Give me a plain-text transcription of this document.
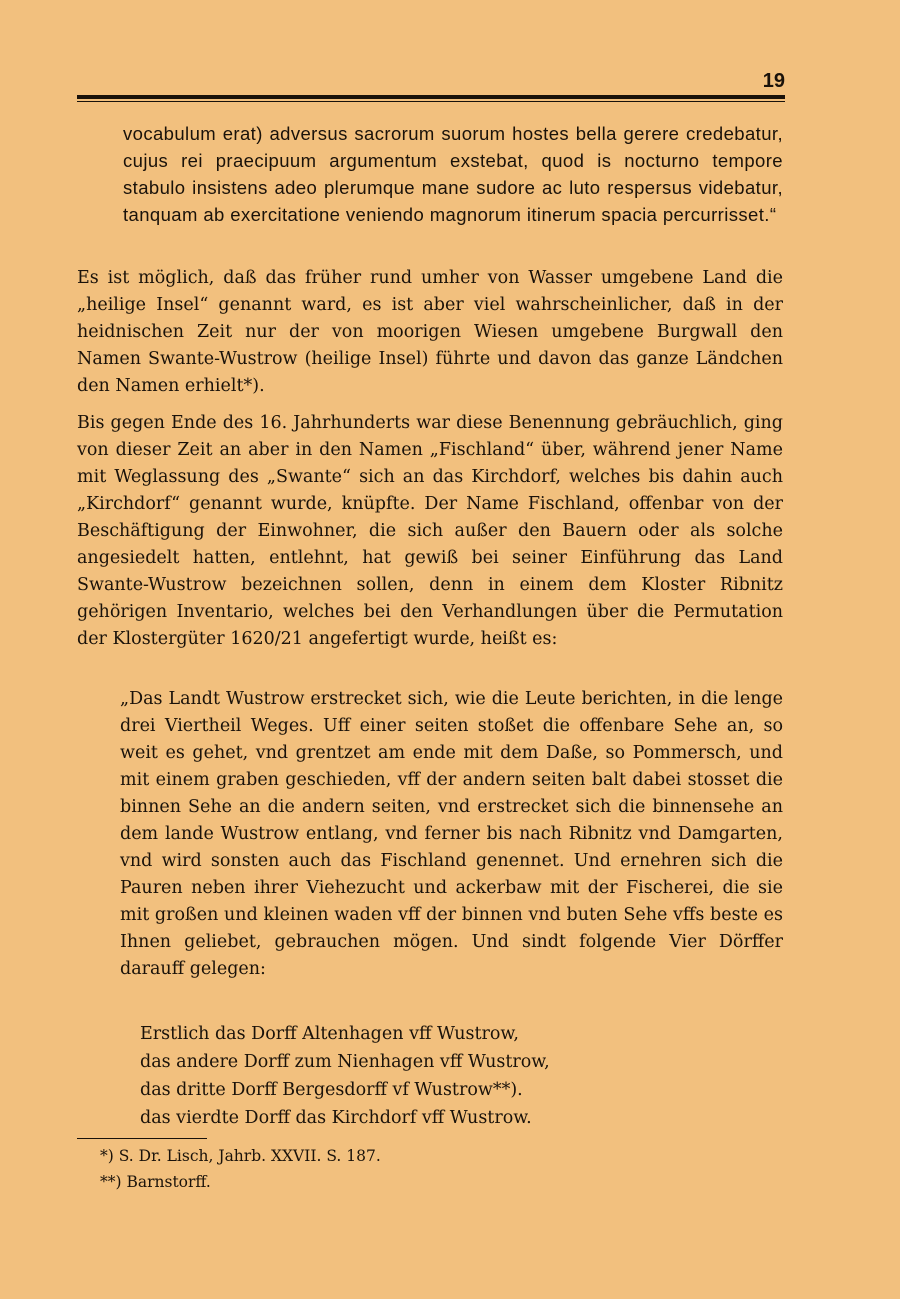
19
vocabulum erat) adversus sacrorum suorum hostes bella gerere credebatur, cujus rei praecipuum argumentum exstebat, quod is nocturno tempore stabulo insistens adeo plerumque mane sudore ac luto respersus videbatur, tanquam ab exercitatione veniendo magnorum itinerum spacia percurrisset.“
Es ist möglich, daß das früher rund umher von Wasser umgebene Land die „heilige Insel“ genannt ward, es ist aber viel wahrscheinlicher, daß in der heidnischen Zeit nur der von moorigen Wiesen umgebene Burgwall den Namen Swante-Wustrow (heilige Insel) führte und davon das ganze Ländchen den Namen erhielt*).
Bis gegen Ende des 16. Jahrhunderts war diese Benennung gebräuchlich, ging von dieser Zeit an aber in den Namen „Fischland“ über, während jener Name mit Weglassung des „Swante“ sich an das Kirchdorf, welches bis dahin auch „Kirchdorf“ genannt wurde, knüpfte. Der Name Fischland, offenbar von der Beschäftigung der Einwohner, die sich außer den Bauern oder als solche angesiedelt hatten, entlehnt, hat gewiß bei seiner Einführung das Land Swante-Wustrow bezeichnen sollen, denn in einem dem Kloster Ribnitz gehörigen Inventario, welches bei den Verhandlungen über die Permutation der Klostergüter 1620/21 angefertigt wurde, heißt es:
„Das Landt Wustrow erstrecket sich, wie die Leute berichten, in die lenge drei Viertheil Weges. Uff einer seiten stoßet die offenbare Sehe an, so weit es gehet, vnd grentzet am ende mit dem Daße, so Pommersch, und mit einem graben geschieden, vff der andern seiten balt dabei stosset die binnen Sehe an die andern seiten, vnd erstrecket sich die binnensehe an dem lande Wustrow entlang, vnd ferner bis nach Ribnitz vnd Damgarten, vnd wird sonsten auch das Fischland genennet. Und ernehren sich die Pauren neben ihrer Viehezucht und ackerbaw mit der Fischerei, die sie mit großen und kleinen waden vff der binnen vnd buten Sehe vffs beste es Ihnen geliebet, gebrauchen mögen. Und sindt folgende Vier Dörffer darauff gelegen:
Erstlich das Dorff Altenhagen vff Wustrow,
das andere Dorff zum Nienhagen vff Wustrow,
das dritte Dorff Bergesdorff vf Wustrow**).
das vierdte Dorff das Kirchdorf vff Wustrow.
*) S. Dr. Lisch, Jahrb. XXVII. S. 187.
**) Barnstorff.
